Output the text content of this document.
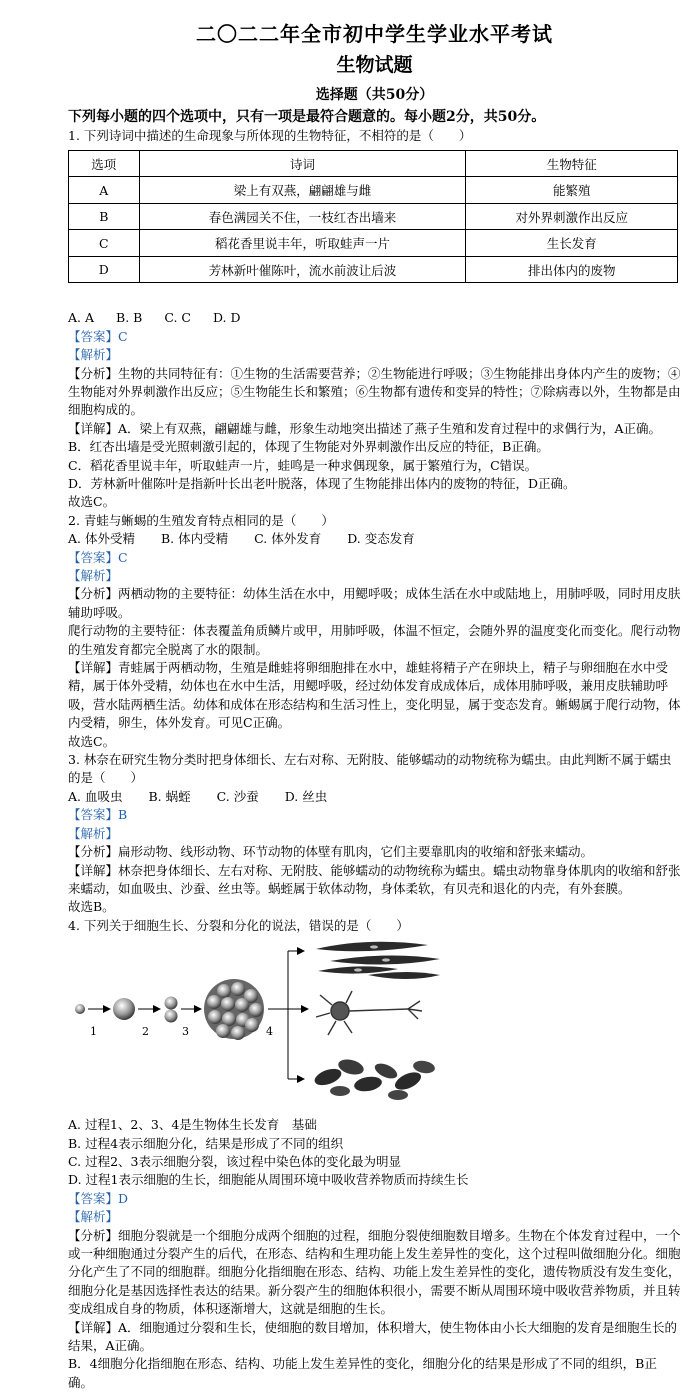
二〇二二年全市初中学生学业水平考试
生物试题
选择题（共50分）

下列每小题的四个选项中，只有一项是最符合题意的。每小题2分，共50分。

1. 下列诗词中描述的生命现象与所体现的生物特征，不相符的是（　　）

选项	诗词	生物特征
A	梁上有双燕，翩翩雄与雌	能繁殖
B	春色满园关不住，一枝红杏出墙来	对外界刺激作出反应
C	稻花香里说丰年，听取蛙声一片	生长发育
D	芳林新叶催陈叶，流水前波让后波	排出体内的废物

A. A B. B C. C D. D

【答案】C

【解析】

【分析】生物的共同特征有：①生物的生活需要营养；②生物能进行呼吸；③生物能排出身体内产生的废物；④生物能对外界刺激作出反应；⑤生物能生长和繁殖；⑥生物都有遗传和变异的特性；⑦除病毒以外，生物都是由细胞构成的。

【详解】A．梁上有双燕，翩翩雄与雌，形象生动地突出描述了燕子生殖和发育过程中的求偶行为，A正确。

B．红杏出墙是受光照刺激引起的，体现了生物能对外界刺激作出反应的特征，B正确。

C．稻花香里说丰年，听取蛙声一片，蛙鸣是一种求偶现象，属于繁殖行为，C错误。

D．芳林新叶催陈叶是指新叶长出老叶脱落，体现了生物能排出体内的废物的特征，D正确。

故选C。

2. 青蛙与蜥蜴的生殖发育特点相同的是（　　）

A. 体外受精 B. 体内受精 C. 体外发育 D. 变态发育

【答案】C

【解析】

【分析】两栖动物的主要特征：幼体生活在水中，用鳃呼吸；成体生活在水中或陆地上，用肺呼吸，同时用皮肤辅助呼吸。

爬行动物的主要特征：体表覆盖角质鳞片或甲，用肺呼吸，体温不恒定，会随外界的温度变化而变化。爬行动物的生殖发育都完全脱离了水的限制。

【详解】青蛙属于两栖动物，生殖是雌蛙将卵细胞排在水中，雄蛙将精子产在卵块上，精子与卵细胞在水中受精，属于体外受精，幼体也在水中生活，用鳃呼吸，经过幼体发育成成体后，成体用肺呼吸，兼用皮肤辅助呼吸，营水陆两栖生活。幼体和成体在形态结构和生活习性上，变化明显，属于变态发育。蜥蜴属于爬行动物，体内受精，卵生，体外发育。可见C正确。

故选C。

3. 林奈在研究生物分类时把身体细长、左右对称、无附肢、能够蠕动的动物统称为蠕虫。由此判断不属于蠕虫的是（　　）

A. 血吸虫 B. 蜗蛭 C. 沙蚕 D. 丝虫

【答案】B

【解析】

【分析】扁形动物、线形动物、环节动物的体壁有肌肉，它们主要靠肌肉的收缩和舒张来蠕动。

【详解】林奈把身体细长、左右对称、无附肢、能够蠕动的动物统称为蠕虫。蠕虫动物靠身体肌肉的收缩和舒张来蠕动，如血吸虫、沙蚕、丝虫等。蜗蛭属于软体动物，身体柔软，有贝壳和退化的内壳，有外套膜。

故选B。

4. 下列关于细胞生长、分裂和分化的说法，错误的是（　　）

1	2	3	4

A. 过程1、2、3、4是生物体生长发育　基础

B. 过程4表示细胞分化，结果是形成了不同的组织

C. 过程2、3表示细胞分裂，该过程中染色体的变化最为明显

D. 过程1表示细胞的生长，细胞能从周围环境中吸收营养物质而持续生长

【答案】D

【解析】

【分析】细胞分裂就是一个细胞分成两个细胞的过程，细胞分裂使细胞数目增多。生物在个体发育过程中，一个或一种细胞通过分裂产生的后代，在形态、结构和生理功能上发生差异性的变化，这个过程叫做细胞分化。细胞分化产生了不同的细胞群。细胞分化指细胞在形态、结构、功能上发生差异性的变化，遗传物质没有发生变化，细胞分化是基因选择性表达的结果。新分裂产生的细胞体积很小，需要不断从周围环境中吸收营养物质，并且转变成组成自身的物质，体积逐渐增大，这就是细胞的生长。

【详解】A．细胞通过分裂和生长，使细胞的数目增加，体积增大，使生物体由小长大细胞的发育是细胞生长的结果，A正确。

B．4细胞分化指细胞在形态、结构、功能上发生差异性的变化，细胞分化的结果是形成了不同的组织，B正确。
